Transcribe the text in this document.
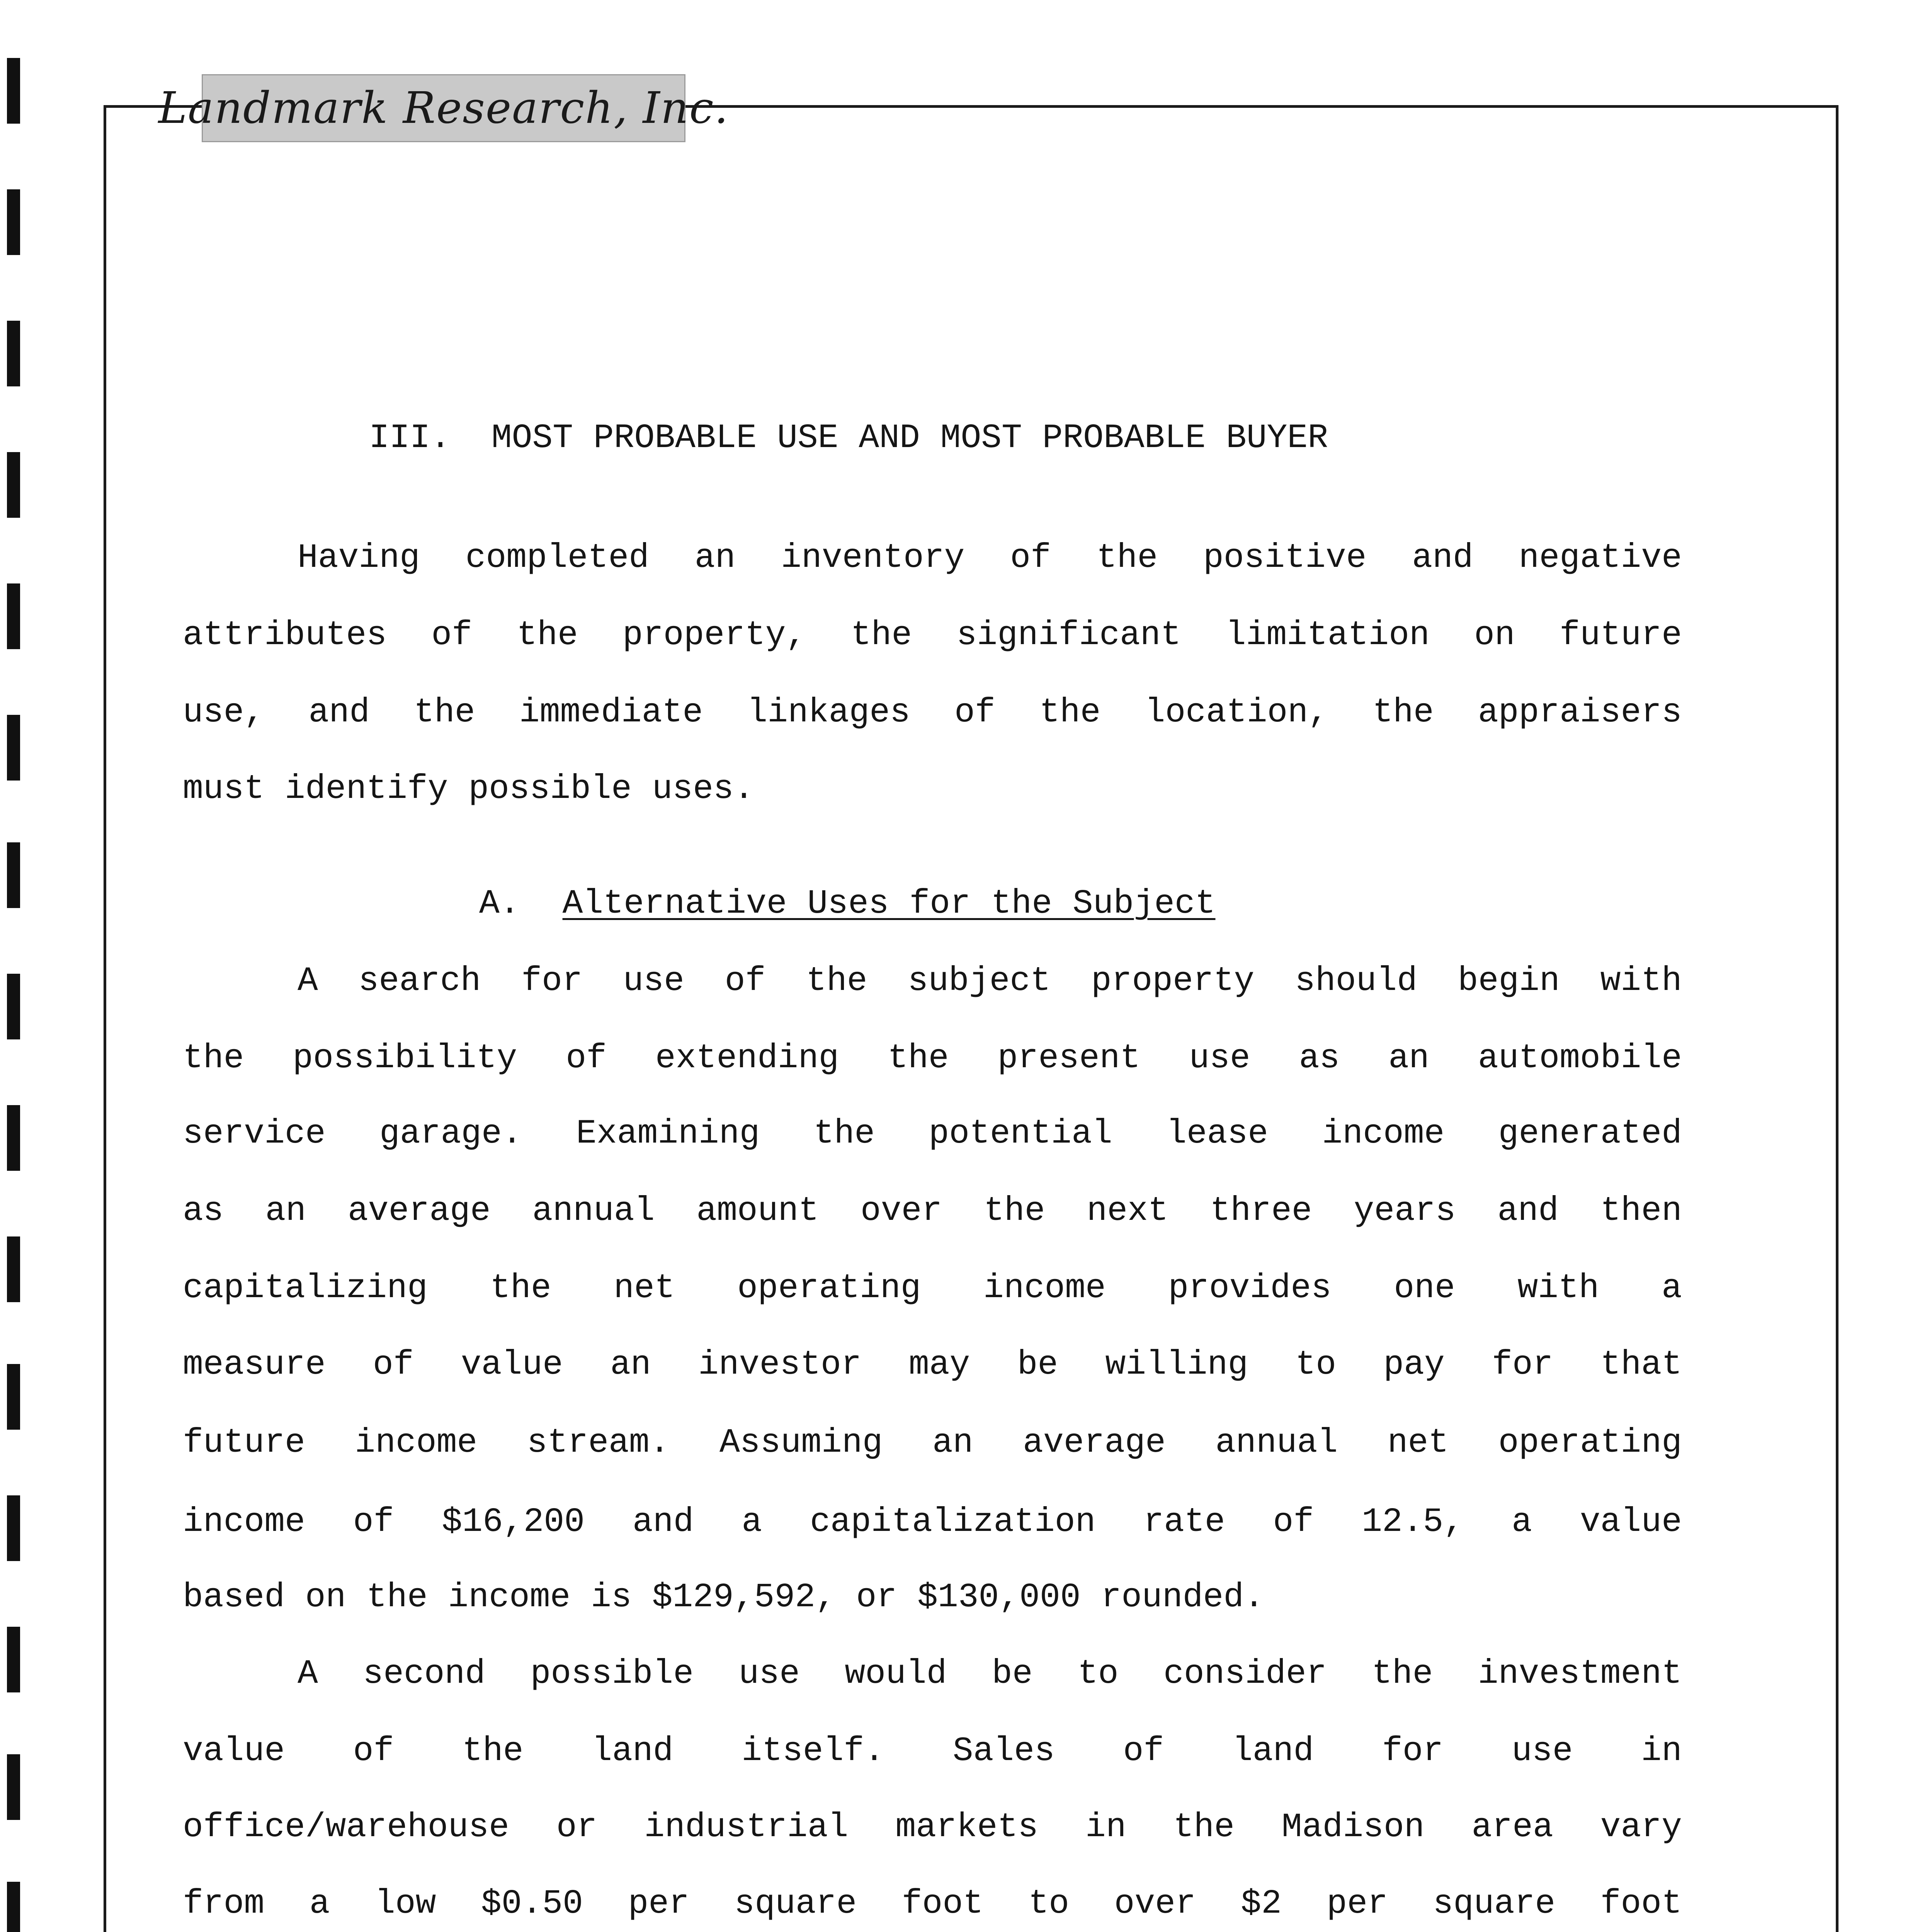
Landmark Research, Inc.
III.  MOST PROBABLE USE AND MOST PROBABLE BUYER
Having completed an inventory of the positive and negative
attributes of the property, the significant limitation on future
use, and the immediate linkages of the location, the appraisers
must identify possible uses.
A. Alternative Uses for the Subject
A search for use of the subject property should begin with
the possibility of extending the present use as an automobile
service garage. Examining the potential lease income generated
as an average annual amount over the next three years and then
capitalizing the net operating income provides one with a
measure of value an investor may be willing to pay for that
future income stream. Assuming an average annual net operating
income of $16,200 and a capitalization rate of 12.5, a value
based on the income is $129,592, or $130,000 rounded.
A second possible use would be to consider the investment
value of the land itself. Sales of land for use in
office/warehouse or industrial markets in the Madison area vary
from a low $0.50 per square foot to over $2 per square foot
